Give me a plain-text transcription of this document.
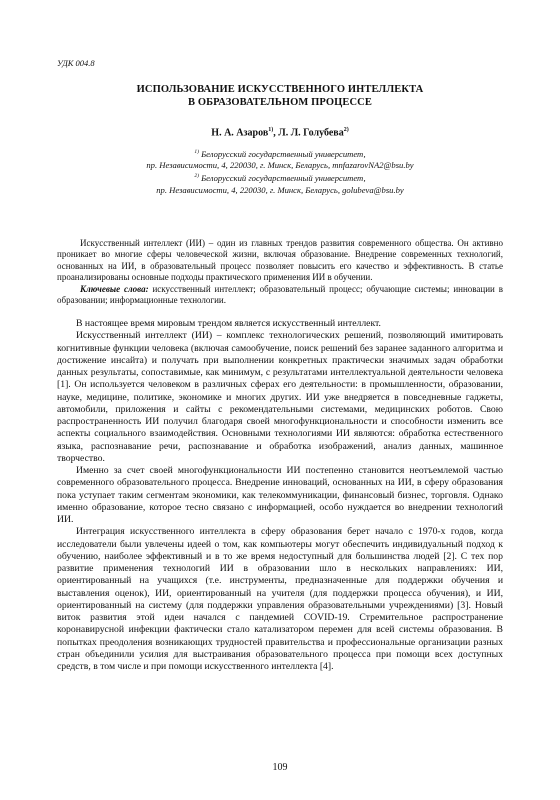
УДК 004.8
ИСПОЛЬЗОВАНИЕ ИСКУССТВЕННОГО ИНТЕЛЛЕКТА
В ОБРАЗОВАТЕЛЬНОМ ПРОЦЕССЕ
Н. А. Азаров$^{1)}$, Л. Л. Голубева$^{2)}$
$^{1)}$ Белорусский государственный университет,
пр. Независимости, 4, 220030, г. Минск, Беларусь, mnfazarovNA2@bsu.by
$^{2)}$ Белорусский государственный университет,
пр. Независимости, 4, 220030, г. Минск, Беларусь, golubeva@bsu.by
Искусственный интеллект (ИИ) – один из главных трендов развития современного общества. Он активно проникает во многие сферы человеческой жизни, включая образование. Внедрение современных технологий, основанных на ИИ, в образовательный процесс позволяет повысить его качество и эффективность. В статье проанализированы основные подходы практического применения ИИ в обучении.
Ключевые слова: искусственный интеллект; образовательный процесс; обучающие системы; инновации в образовании; информационные технологии.

В настоящее время мировым трендом является искусственный интеллект.

Искусственный интеллект (ИИ) – комплекс технологических решений, позволяющий имитировать когнитивные функции человека (включая самообучение, поиск решений без заранее заданного алгоритма и достижение инсайта) и получать при выполнении конкретных практически значимых задач обработки данных результаты, сопоставимые, как минимум, с результатами интеллектуальной деятельности человека [1]. Он используется человеком в различных сферах его деятельности: в промышленности, образовании, науке, медицине, политике, экономике и многих других. ИИ уже внедряется в повседневные гаджеты, автомобили, приложения и сайты с рекомендательными системами, медицинских роботов. Свою распространенность ИИ получил благодаря своей многофункциональности и способности изменить все аспекты социального взаимодействия. Основными технологиями ИИ являются: обработка естественного языка, распознавание речи, распознавание и обработка изображений, анализ данных, машинное творчество.

Именно за счет своей многофункциональности ИИ постепенно становится неотъемлемой частью современного образовательного процесса. Внедрение инноваций, основанных на ИИ, в сферу образования пока уступает таким сегментам экономики, как телекоммуникации, финансовый бизнес, торговля. Однако именно образование, которое тесно связано с информацией, особо нуждается во внедрении технологий ИИ.

Интеграция искусственного интеллекта в сферу образования берет начало с 1970-х годов, когда исследователи были увлечены идеей о том, как компьютеры могут обеспечить индивидуальный подход к обучению, наиболее эффективный и в то же время недоступный для большинства людей [2]. С тех пор развитие применения технологий ИИ в образовании шло в нескольких направлениях: ИИ, ориентированный на учащихся (т.е. инструменты, предназначенные для поддержки обучения и выставления оценок), ИИ, ориентированный на учителя (для поддержки процесса обучения), и ИИ, ориентированный на систему (для поддержки управления образовательными учреждениями) [3]. Новый виток развития этой идеи начался с пандемией COVID-19. Стремительное распространение коронавирусной инфекции фактически стало катализатором перемен для всей системы образования. В попытках преодоления возникающих трудностей правительства и профессиональные организации разных стран объединили усилия для выстраивания образовательного процесса при помощи всех доступных средств, в том числе и при помощи искусственного интеллекта [4].

109
